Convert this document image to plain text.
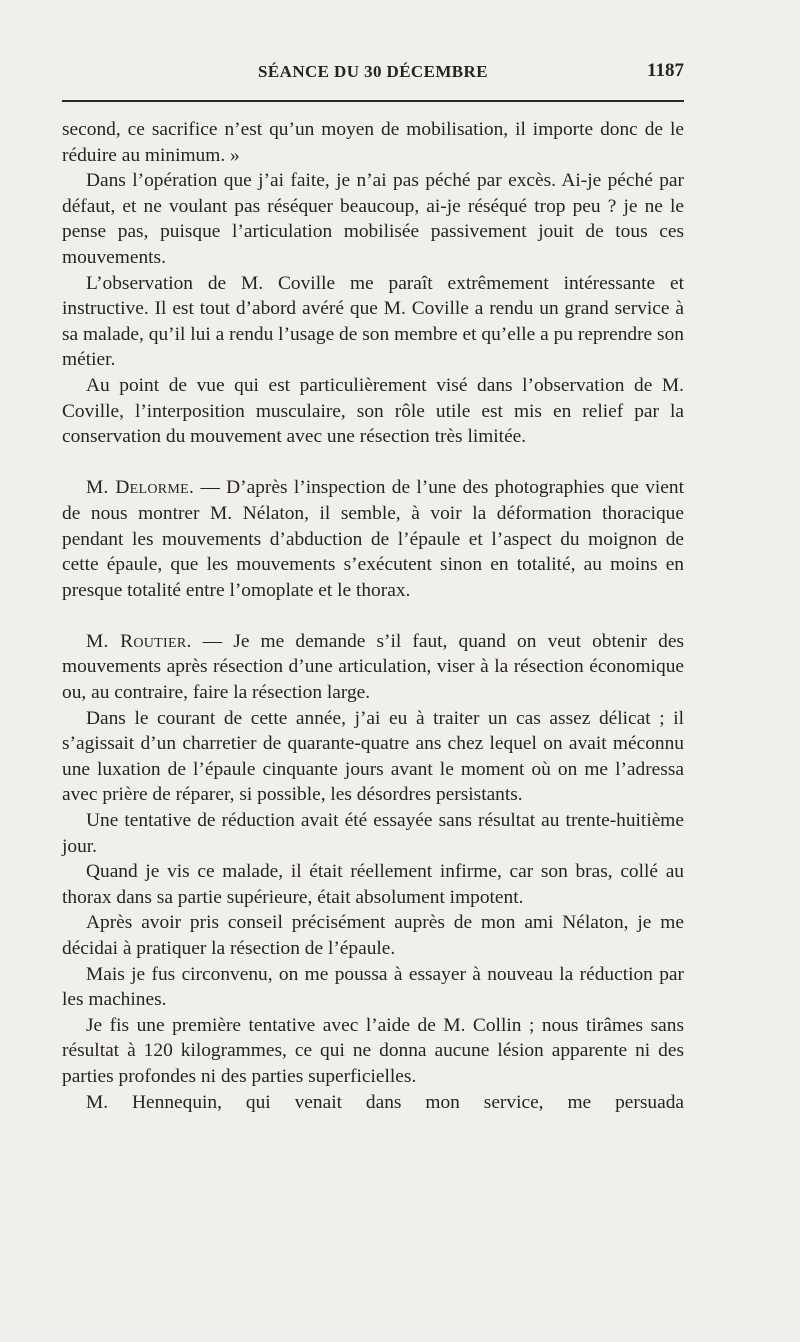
SÉANCE DU 30 DÉCEMBRE	1187

second, ce sacrifice n’est qu’un moyen de mobilisation, il importe donc de le réduire au minimum. »

Dans l’opération que j’ai faite, je n’ai pas péché par excès. Ai-je péché par défaut, et ne voulant pas réséquer beaucoup, ai-je réséqué trop peu ? je ne le pense pas, puisque l’articulation mobilisée passivement jouit de tous ces mouvements.

L’observation de M. Coville me paraît extrêmement intéressante et instructive. Il est tout d’abord avéré que M. Coville a rendu un grand service à sa malade, qu’il lui a rendu l’usage de son membre et qu’elle a pu reprendre son métier.

Au point de vue qui est particulièrement visé dans l’observation de M. Coville, l’interposition musculaire, son rôle utile est mis en relief par la conservation du mouvement avec une résection très limitée.

M. Delorme. — D’après l’inspection de l’une des photographies que vient de nous montrer M. Nélaton, il semble, à voir la déformation thoracique pendant les mouvements d’abduction de l’épaule et l’aspect du moignon de cette épaule, que les mouvements s’exécutent sinon en totalité, au moins en presque totalité entre l’omoplate et le thorax.

M. Routier. — Je me demande s’il faut, quand on veut obtenir des mouvements après résection d’une articulation, viser à la résection économique ou, au contraire, faire la résection large.

Dans le courant de cette année, j’ai eu à traiter un cas assez délicat ; il s’agissait d’un charretier de quarante-quatre ans chez lequel on avait méconnu une luxation de l’épaule cinquante jours avant le moment où on me l’adressa avec prière de réparer, si possible, les désordres persistants.

Une tentative de réduction avait été essayée sans résultat au trente-huitième jour.

Quand je vis ce malade, il était réellement infirme, car son bras, collé au thorax dans sa partie supérieure, était absolument impotent.

Après avoir pris conseil précisément auprès de mon ami Nélaton, je me décidai à pratiquer la résection de l’épaule.

Mais je fus circonvenu, on me poussa à essayer à nouveau la réduction par les machines.

Je fis une première tentative avec l’aide de M. Collin ; nous tirâmes sans résultat à 120 kilogrammes, ce qui ne donna aucune lésion apparente ni des parties profondes ni des parties superficielles.

M. Hennequin, qui venait dans mon service, me persuada
